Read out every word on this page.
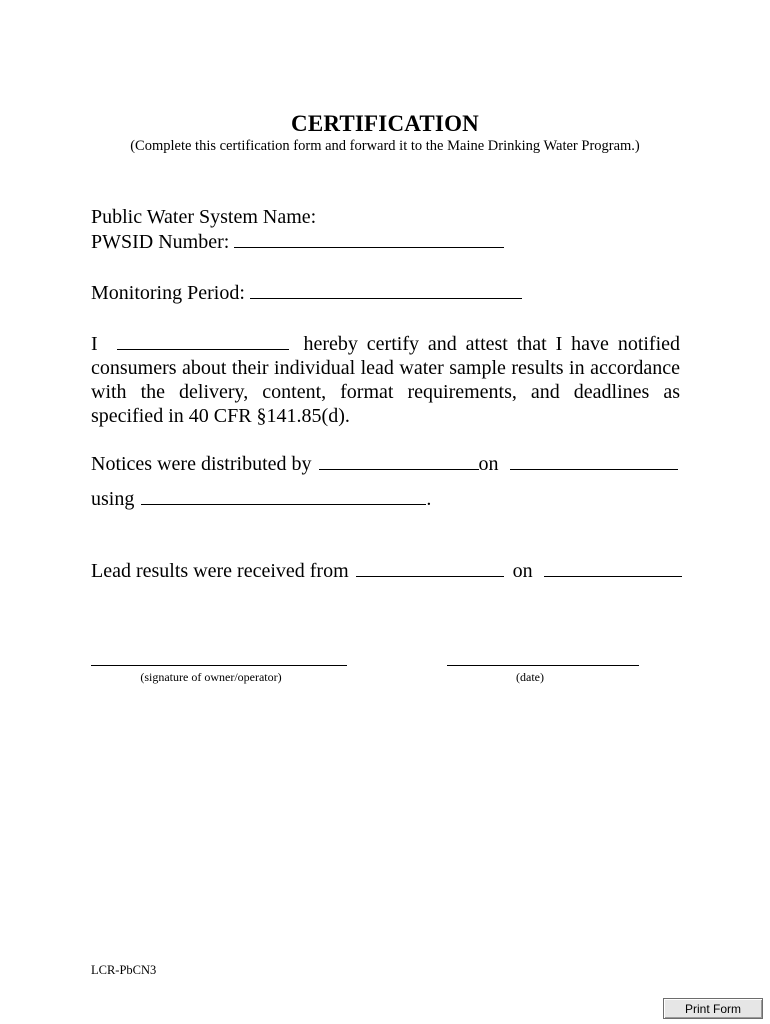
CERTIFICATION
(Complete this certification form and forward it to the Maine Drinking Water Program.)
Public Water System Name:
PWSID Number:
Monitoring Period:
I	hereby certify and attest that I have notified
consumers about their individual lead water sample results in accordance
with the delivery, content, format requirements, and deadlines as
specified in 40 CFR §141.85(d).
Notices were distributed by	on
using	.
Lead results were received from	on
(signature of owner/operator)	(date)
LCR-PbCN3
Print Form
